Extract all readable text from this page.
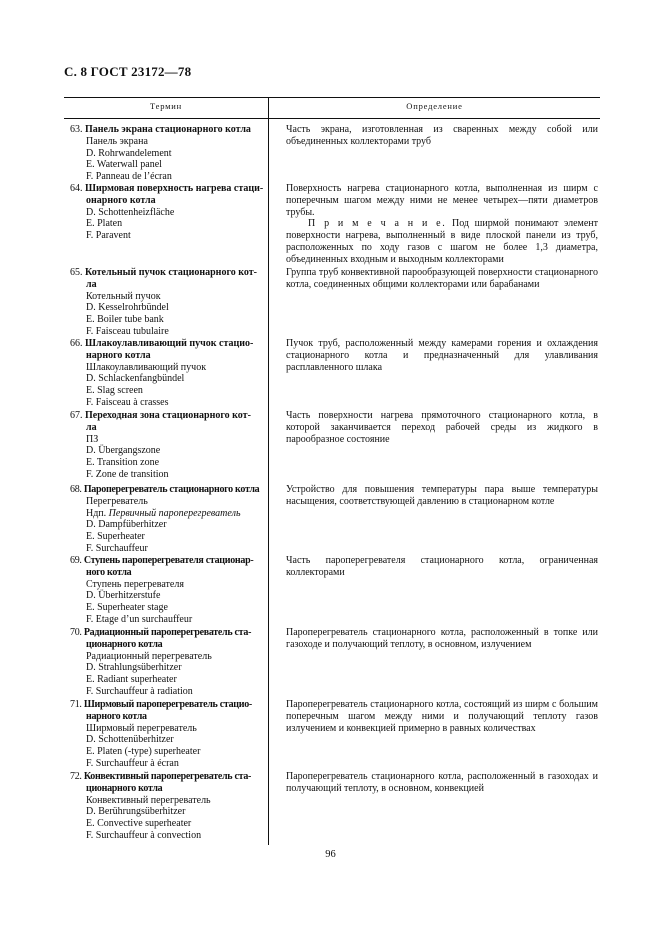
С. 8 ГОСТ 23172—78
Термин	Определение
63. Панель экрана стационарного котла
Панель экрана
D. Rohrwandelement
E. Waterwall panel
F. Panneau de l’écran
Часть экрана, изготовленная из сваренных между собой или объединенных коллекторами труб
64. Ширмовая поверхность нагрева стаци-
онарного котла
D. Schottenheizfläche
E. Platen
F. Paravent
Поверхность нагрева стационарного котла, выполненная из ширм с поперечным шагом между ними не менее четырех—пяти диаметров трубы.
П р и м е ч а н и е. Под ширмой понимают элемент поверхности нагрева, выполненный в виде плоской панели из труб, расположенных по ходу газов с шагом не более 1,3 диаметра, объединенных входным и выходным коллекторами
65. Котельный пучок стационарного кот-
ла
Котельный пучок
D. Kesselrohrbündel
E. Boiler tube bank
F. Faisceau tubulaire
Группа труб конвективной парообразующей поверхности стационарного котла, соединенных общими коллекторами или барабанами
66. Шлакоулавливающий пучок стацио-
нарного котла
Шлакоулавливающий пучок
D. Schlackenfangbündel
E. Slag screen
F. Faisceau à crasses
Пучок труб, расположенный между камерами горения и охлаждения стационарного котла и предназначенный для улавливания расплавленного шлака
67. Переходная зона стационарного кот-
ла
ПЗ
D. Übergangszone
E. Transition zone
F. Zone de transition
Часть поверхности нагрева прямоточного стационарного котла, в которой заканчивается переход рабочей среды из жидкого в парообразное состояние
68. Пароперегреватель стационарного котла
Перегреватель
Ндп. Первичный пароперегреватель
D. Dampfüberhitzer
E. Superheater
F. Surchauffeur
Устройство для повышения температуры пара выше температуры насыщения, соответствующей давлению в стационарном котле
69. Ступень пароперегревателя стационар-
ного котла
Ступень перегревателя
D. Überhitzerstufe
E. Superheater stage
F. Etage d’un surchauffeur
Часть пароперегревателя стационарного котла, ограниченная коллекторами
70. Радиационный пароперегреватель ста-
ционарного котла
Радиационный перегреватель
D. Strahlungsüberhitzer
E. Radiant superheater
F. Surchauffeur à radiation
Пароперегреватель стационарного котла, расположенный в топке или газоходе и получающий теплоту, в основном, излучением
71. Ширмовый пароперегреватель стацио-
нарного котла
Ширмовый перегреватель
D. Schottenüberhitzer
E. Platen (-type) superheater
F. Surchauffeur à écran
Пароперегреватель стационарного котла, состоящий из ширм с большим поперечным шагом между ними и получающий теплоту газов излучением и конвекцией примерно в равных количествах
72. Конвективный пароперегреватель ста-
ционарного котла
Конвективный перегреватель
D. Berührungsüberhitzer
E. Convective superheater
F. Surchauffeur à convection
Пароперегреватель стационарного котла, расположенный в газоходах и получающий теплоту, в основном, конвекцией
96
